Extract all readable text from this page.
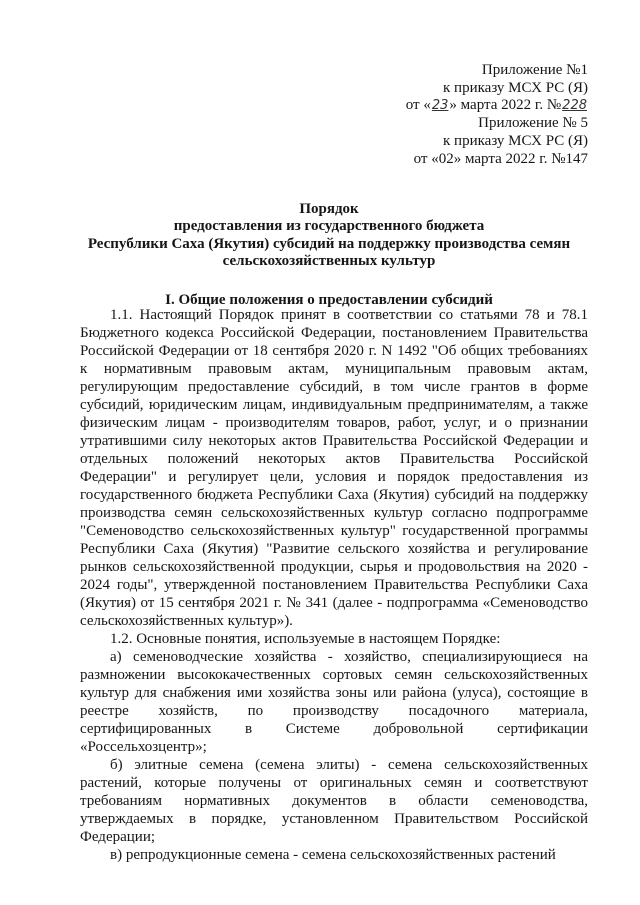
Приложение №1
к приказу МСХ РС (Я)
от «23» марта 2022 г. №228
Приложение № 5
к приказу МСХ РС (Я)
от «02» марта 2022 г. №147
Порядок
предоставления из государственного бюджета
Республики Саха (Якутия) субсидий на поддержку производства семян
сельскохозяйственных культур
I. Общие положения о предоставлении субсидий

1.1. Настоящий Порядок принят в соответствии со статьями 78 и 78.1 Бюджетного кодекса Российской Федерации, постановлением Правительства Российской Федерации от 18 сентября 2020 г. N 1492 "Об общих требованиях к нормативным правовым актам, муниципальным правовым актам, регулирующим предоставление субсидий, в том числе грантов в форме субсидий, юридическим лицам, индивидуальным предпринимателям, а также физическим лицам - производителям товаров, работ, услуг, и о признании утратившими силу некоторых актов Правительства Российской Федерации и отдельных положений некоторых актов Правительства Российской Федерации" и регулирует цели, условия и порядок предоставления из государственного бюджета Республики Саха (Якутия) субсидий на поддержку производства семян сельскохозяйственных культур согласно подпрограмме "Семеноводство сельскохозяйственных культур" государственной программы Республики Саха (Якутия) "Развитие сельского хозяйства и регулирование рынков сельскохозяйственной продукции, сырья и продовольствия на 2020 - 2024 годы", утвержденной постановлением Правительства Республики Саха (Якутия) от 15 сентября 2021 г. № 341 (далее - подпрограмма «Семеноводство сельскохозяйственных культур»).

1.2. Основные понятия, используемые в настоящем Порядке:

а) семеноводческие хозяйства - хозяйство, специализирующиеся на размножении высококачественных сортовых семян сельскохозяйственных культур для снабжения ими хозяйства зоны или района (улуса), состоящие в реестре хозяйств, по производству посадочного материала, сертифицированных в Системе добровольной сертификации «Россельхозцентр»;

б) элитные семена (семена элиты) - семена сельскохозяйственных растений, которые получены от оригинальных семян и соответствуют требованиям нормативных документов в области семеноводства, утверждаемых в порядке, установленном Правительством Российской Федерации;

в) репродукционные семена - семена сельскохозяйственных растений
